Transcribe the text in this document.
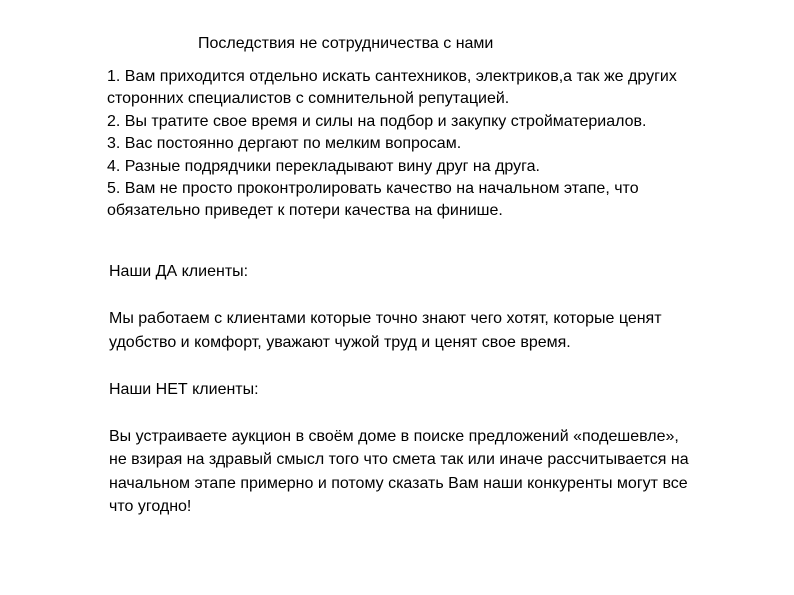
Последствия не сотрудничества с нами
1. Вам приходится отдельно искать сантехников, электриков,а так же других сторонних специалистов с сомнительной репутацией.
2. Вы тратите свое время и силы на подбор и закупку стройматериалов.
3. Вас постоянно дергают по мелким вопросам.
4. Разные подрядчики перекладывают вину друг на друга.
5. Вам не просто проконтролировать качество на начальном этапе, что обязательно приведет к потери качества на финише.

Наши ДА клиенты:

Мы работаем с клиентами которые точно знают чего хотят, которые ценят удобство и комфорт, уважают чужой труд и ценят свое время.

Наши НЕТ клиенты:

Вы устраиваете аукцион в своём доме в поиске предложений «подешевле», не взирая на здравый смысл того что смета так или иначе рассчитывается на начальном этапе примерно и потому сказать Вам наши конкуренты могут все что угодно!
